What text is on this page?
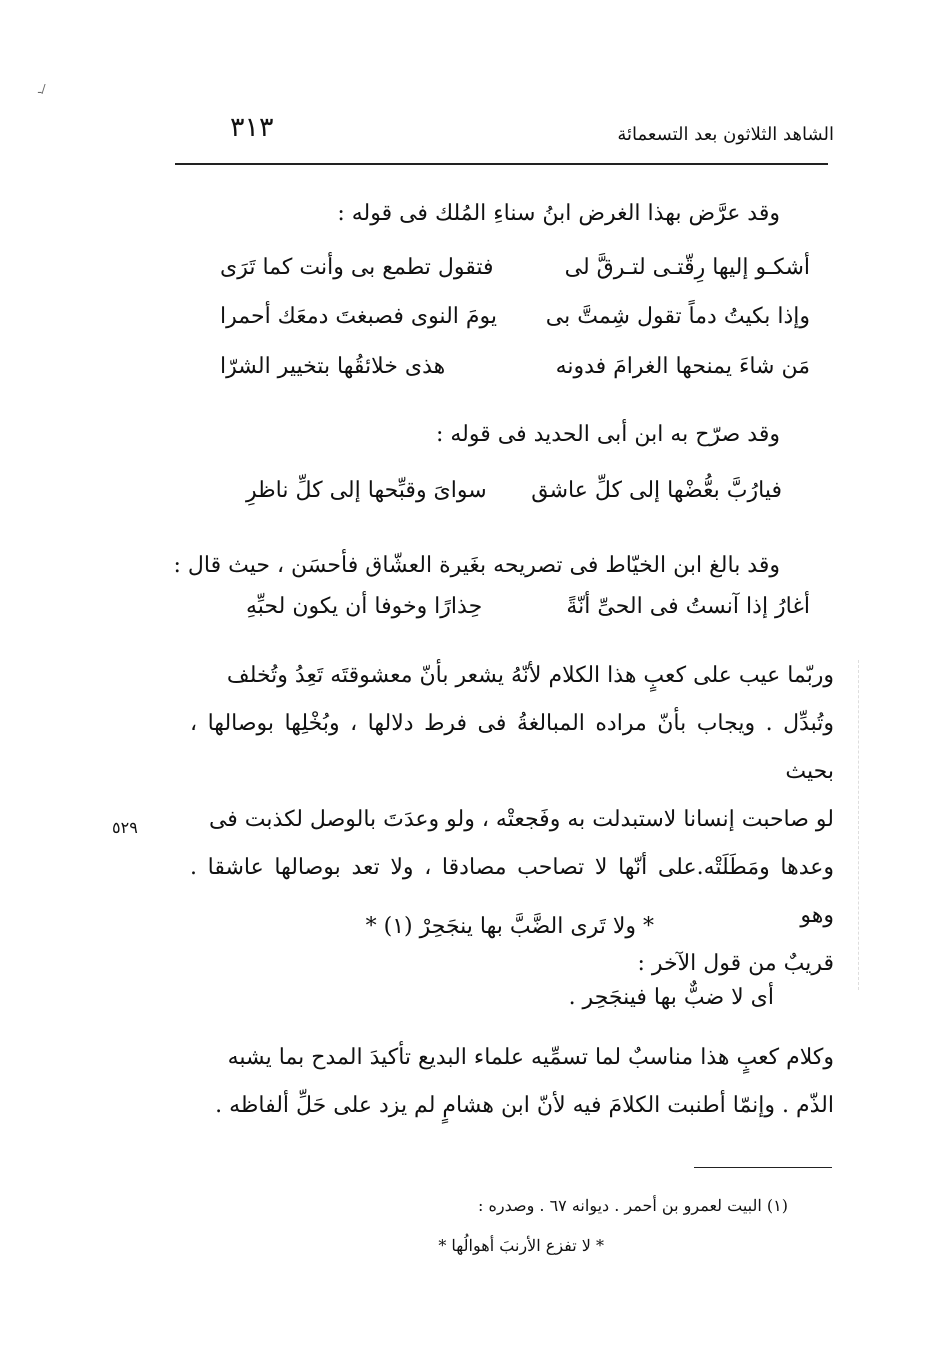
ـ/
الشاهد الثلاثون بعد التسعمائة
٣١٣
وقد عرَّض بهذا الغرض ابنُ سناءِ المُلك فى قوله :
أشكـو إليها رِقّتـى لتـرقَّ لى
فتقول تطمع بى وأنت كما تَرَى
وإذا بكيتُ دماً تقول شِمتَّ بى
يومَ النوى فصبغتَ دمعَك أحمرا
مَن شاءَ يمنحها الغرامَ فدونه
هذى خلائقُها بتخيير الشرّا
وقد صرّح به ابن أبى الحديد فى قوله :
فيارُبَّ بعُّضْها إلى كلِّ عاشق
سواىَ وقبِّحها إلى كلِّ ناظرِ
وقد بالغ ابن الخيّاط فى تصريحه بغَيرة العشّاق فأحسَن ، حيث قال :
أغارُ إذا آنستُ فى الحىِّ أنّةً
حِذارًا وخوفا أن يكون لحبِّهِ
وربّما عيب على كعبٍ هذا الكلام لأنّهُ يشعر بأنّ معشوقتَه تَعِدُ وتُخلف
وتُبدِّل . ويجاب بأنّ مراده المبالغةُ فى فرط دلالها ، وبُخْلِها بوصالها ، بحيث
لو صاحبت إنسانا لاستبدلت به وفَجعتْه ، ولو وعدَتَ بالوصل لكذبت فى
وعدها ومَطَلَتْه.على أنّها لا تصاحب مصادقا ، ولا تعد بوصالها عاشقا . وهو
قريبٌ من قول الآخر :
٥٢٩
* ولا تَرى الضَّبَّ بها ينجَحِرْ (١) *
أى لا ضبٌّ بها فينجَحِر .
وكلام كعبٍ هذا مناسبٌ لما تسمِّيه علماء البديع تأكيدَ المدح بما يشبه
الذّم . وإنمّا أطنبت الكلامَ فيه لأنّ ابن هشامٍ لم يزد على حَلِّ ألفاظه .
(١) البيت لعمرو بن أحمر . ديوانه ٦٧ . وصدره :
* لا تفزع الأرنبَ أهوالُها *
